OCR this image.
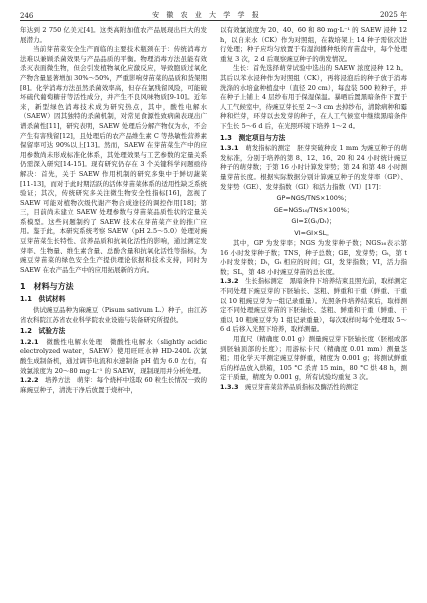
246	安 徽 农 业 大 学 学 报	2025 年

年达到 2 750 亿美元[4]。这类高附加值农产品展现出巨大的发展潜力。

当前芽苗菜安全生产面临的主要技术瓶颈在于：传统消毒方法难以兼顾杀菌效果与产品品质的平衡。物理消毒方法虽能有效杀灭表面微生物，但会引发植物氧化应激反应，导致胞质过氧化产物含量显著增加 30%～50%，严重影响芽苗菜的品质和货架期[8]。化学消毒方法虽然杀菌效率高，但存在氯残留风险，可能破坏硫代葡萄糖苷等活性成分，并产生不良风味物质[9-10]。近年来，新型绿色消毒技术成为研究热点，其中，酸性电解水（SAEW）因其独特的杀菌机制，对常见食源性致病菌表现出广谱杀菌性[11]，研究表明，SAEW 处理后分解产物仅为水，不会产生有害残留[12]，且处理后的农产品维生素 C 等热敏性营养素保留率可达 90%以上[13]。然而，SAEW 在芽苗菜生产中的应用参数尚未形成标准化体系，其处理效果与工艺参数的定量关系仍需深入研究[14-15]。现有研究仍存在 3 个关键科学问题亟待解决：首先，关于 SAEW 作用机制的研究多集中于鲜切蔬菜[11-13]，而对于此时期活跃的活体芽苗菜体系的适用性缺乏系统验证；其次，传统研究多关注微生物安全性指标[16]，忽视了 SAEW 可能对植物次级代谢产物合成途径的调控作用[18]；第三，目前尚未建立 SAEW 处理参数与芽苗菜品质性状的定量关系模型。这些问题制约了 SAEW 技术在芽苗菜产业的推广应用。鉴于此，本研究系统考察 SAEW（pH 2.5～5.0）处理对豌豆芽苗菜生长特性、营养品质和抗氧化活性的影响，通过测定发芽率、生物量、维生素含量、总酚含量和抗氧化活性等指标，为豌豆芽苗菜的绿色安全生产提供理论依据和技术支持，同时为 SAEW 在农产品生产中的应用拓展新的方向。

1　材料与方法
1.1　供试材料

供试豌豆品种为麻豌豆（Pisum sativum L.）种子，由江苏省农科院江苏省农业科学院农业设施与装备研究所提供。

1.2　试验方法

1.2.1　 微酸性电解水处理　 微酸性电解水（slightly acidic electrolyzed water，SAEW）使用旺旺水神 HD-240L 次氯酸生成制备机，通过调节电流和水速制备 pH 值为 6.0 左右，有效氯浓度为 20～80 mg·L⁻¹ 的 SAEW，现制现用并分析处理。

1.2.2　 培养方法　 萌芽：每个烧杯中选取 60 粒生长情况一致的麻豌豆种子，清洗干净后放置于烧杯中，

以有效氯浓度为 20、40、60 和 80 mg·L⁻¹ 的 SAEW 浸种 12 h，以自来水（CK）作为对照组，在栽培架上 14 种子需依次进行处理；种子应均匀放置于有湿润播种纸的育苗盘中，每个处理重复 3 次，2 d 后观察豌豆种子的萌发情况。

生长：首先选择萌芽试验中选出的 SAEW 浓度浸种 12 h。其后以苯水浸种作为对照组（CK），再将浸泡后的种子放于消毒洗涤的水培盒种植盘中（直径 20 cm），每盘装 500 粒种子，并在种子上铺上 4 层纱布用于保湿保温。暴晒后置黑暗条件下置于人工气候室中，待豌豆芽长至 2～3 cm 去掉纱布，清除病种和霉种和烂芽，环芽以去发芽的种子，在人工气候室中继续黑暗条件下生长 5～6 d 后，在光照环境下培养 1～2 d。

1.3　测定项目与方法

1.3.1　 萌发指标的测定　 胚芽突破种皮 1 mm 为豌豆种子的萌发标准，分别于培养的第 8、12、16、20 和 24 小时统计豌豆种子的萌芽数；于第 16 小时计算发芽势；第 24 和第 48 小时测量芽苗长度。根据实际数据分别计算豌豆种子的发芽率（GP）、发芽势（GE）、发芽指数（GI）和活力指数（VI）[17]：

GP=NGS/TNS×100%；
GE=NGS₁₆/TNS×100%；
GI=Σ(Gₜ/Dₜ)；
VI=GI×SL。

其中，GP 为发芽率；NGS 为发芽种子数；NGS₁₆表示第 16 小时发芽种子数；TNS，种子总数；GE，发芽势；Gₜ，第 t 小时发芽数；Dₜ，Gₜ 相应的时间；GI，发芽指数；VI，活力指数；SL，第 48 小时豌豆芽苗的总长度。

1.3.2　 生长指标测定　 黑暗条件下培养结束且照光前，取样测定不同处理下豌豆芽的下胚轴长、茎粗、鲜重和干重（鲜重、干重以 10 粗豌豆芽为一组记录重量）。光照条件培养结束后，取样测定不同处理豌豆芽苗的下胚轴长、茎粗、鲜重和干重（鲜重、干重以 10 粗豌豆芽为 1 组记录重量），每次取样时每个处理取 5～6 d 后移入光照下培养，取样测量。

用直尺（精确度 0.01 g）测量豌豆芽下胚轴长度（胚根或部到胚轴顶部的长度）；用游标卡尺（精确度 0.01 mm）测量茎粗；用化学天平测定豌豆芽鲜重，精度为 0.001 g；将测试鲜重后的样品放入烘箱，105 °C 杀青 15 min，80 °C 烘 48 h，测定干质量，精度为 0.001 g，所有试验均重复 3 次。

1.3.3　 豌豆芽苗菜营养品质指标及酶活性的测定
